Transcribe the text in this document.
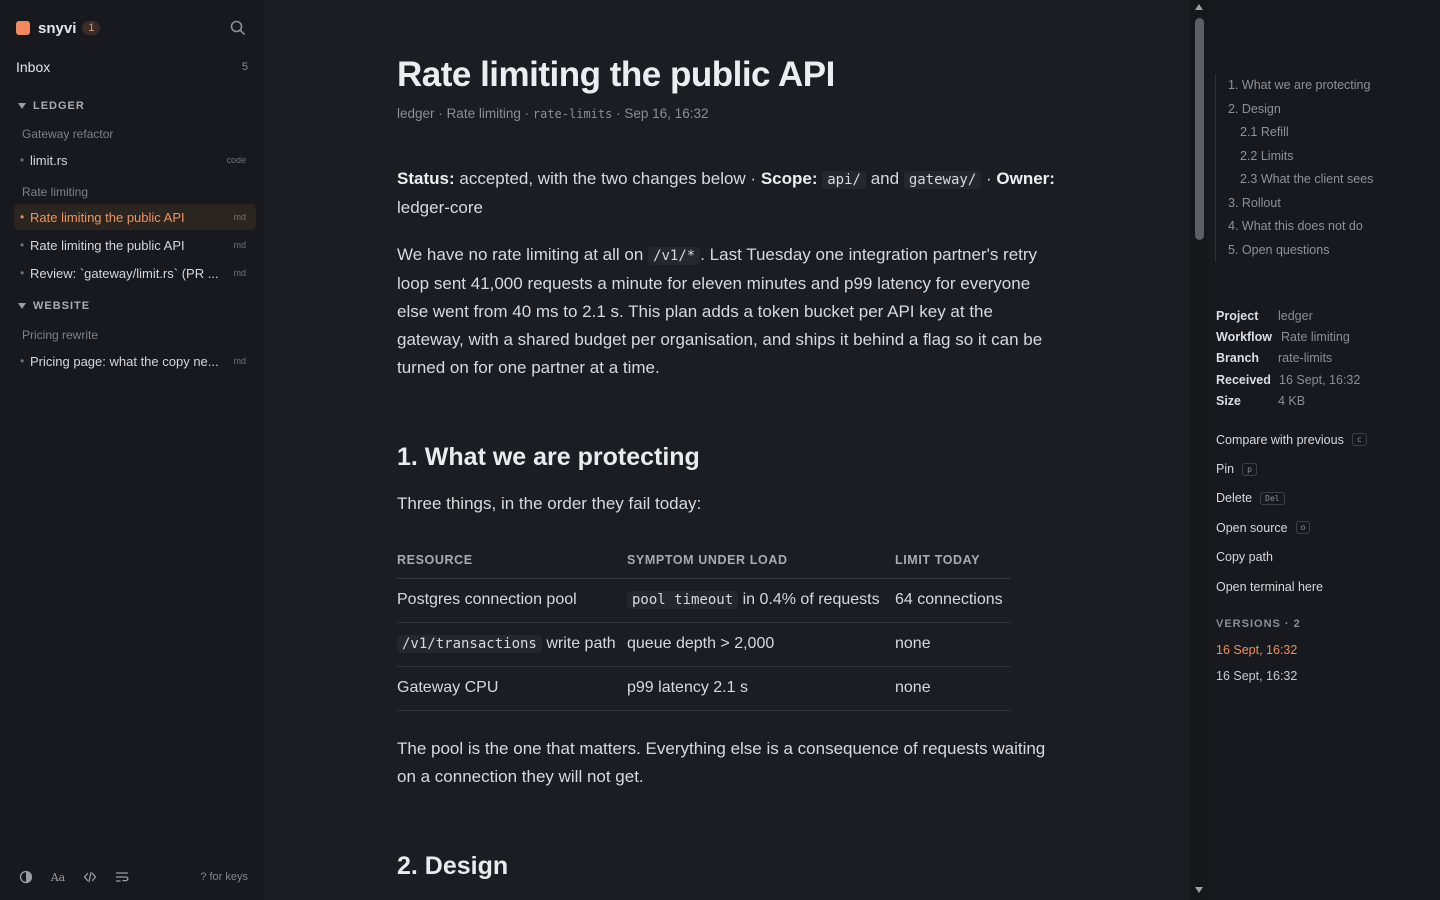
snyvi	1
Inbox	5
LEDGER
Gateway refactor
• limit.rs	code
Rate limiting
• Rate limiting the public API	md
• Rate limiting the public API	md
• Review: `gateway/limit.rs` (PR ...	md
WEBSITE
Pricing rewrite
• Pricing page: what the copy ne...	md
Aa	? for keys
Rate limiting the public API
ledger · Rate limiting · rate-limits · Sep 16, 16:32

Status: accepted, with the two changes below · Scope: api/ and gateway/ · Owner: ledger-core

We have no rate limiting at all on /v1/* . Last Tuesday one integration partner's retry loop sent 41,000 requests a minute for eleven minutes and p99 latency for everyone else went from 40 ms to 2.1 s. This plan adds a token bucket per API key at the gateway, with a shared budget per organisation, and ships it behind a flag so it can be turned on for one partner at a time.

1. What we are protecting

Three things, in the order they fail today:

RESOURCE	SYMPTOM UNDER LOAD	LIMIT TODAY
Postgres connection pool	pool timeout in 0.4% of requests	64 connections
/v1/transactions write path	queue depth > 2,000	none
Gateway CPU	p99 latency 2.1 s	none

The pool is the one that matters. Everything else is a consequence of requests waiting on a connection they will not get.

2. Design
1. What we are protecting
2. Design
2.1 Refill
2.2 Limits
2.3 What the client sees
3. Rollout
4. What this does not do
5. Open questions
Project	ledger
Workflow Rate limiting
Branch	rate-limits
Received 16 Sept, 16:32
Size	4 KB
Compare with previous	c
Pin	p
Delete	Del
Open source	o
Copy path
Open terminal here
VERSIONS · 2
16 Sept, 16:32
16 Sept, 16:32
